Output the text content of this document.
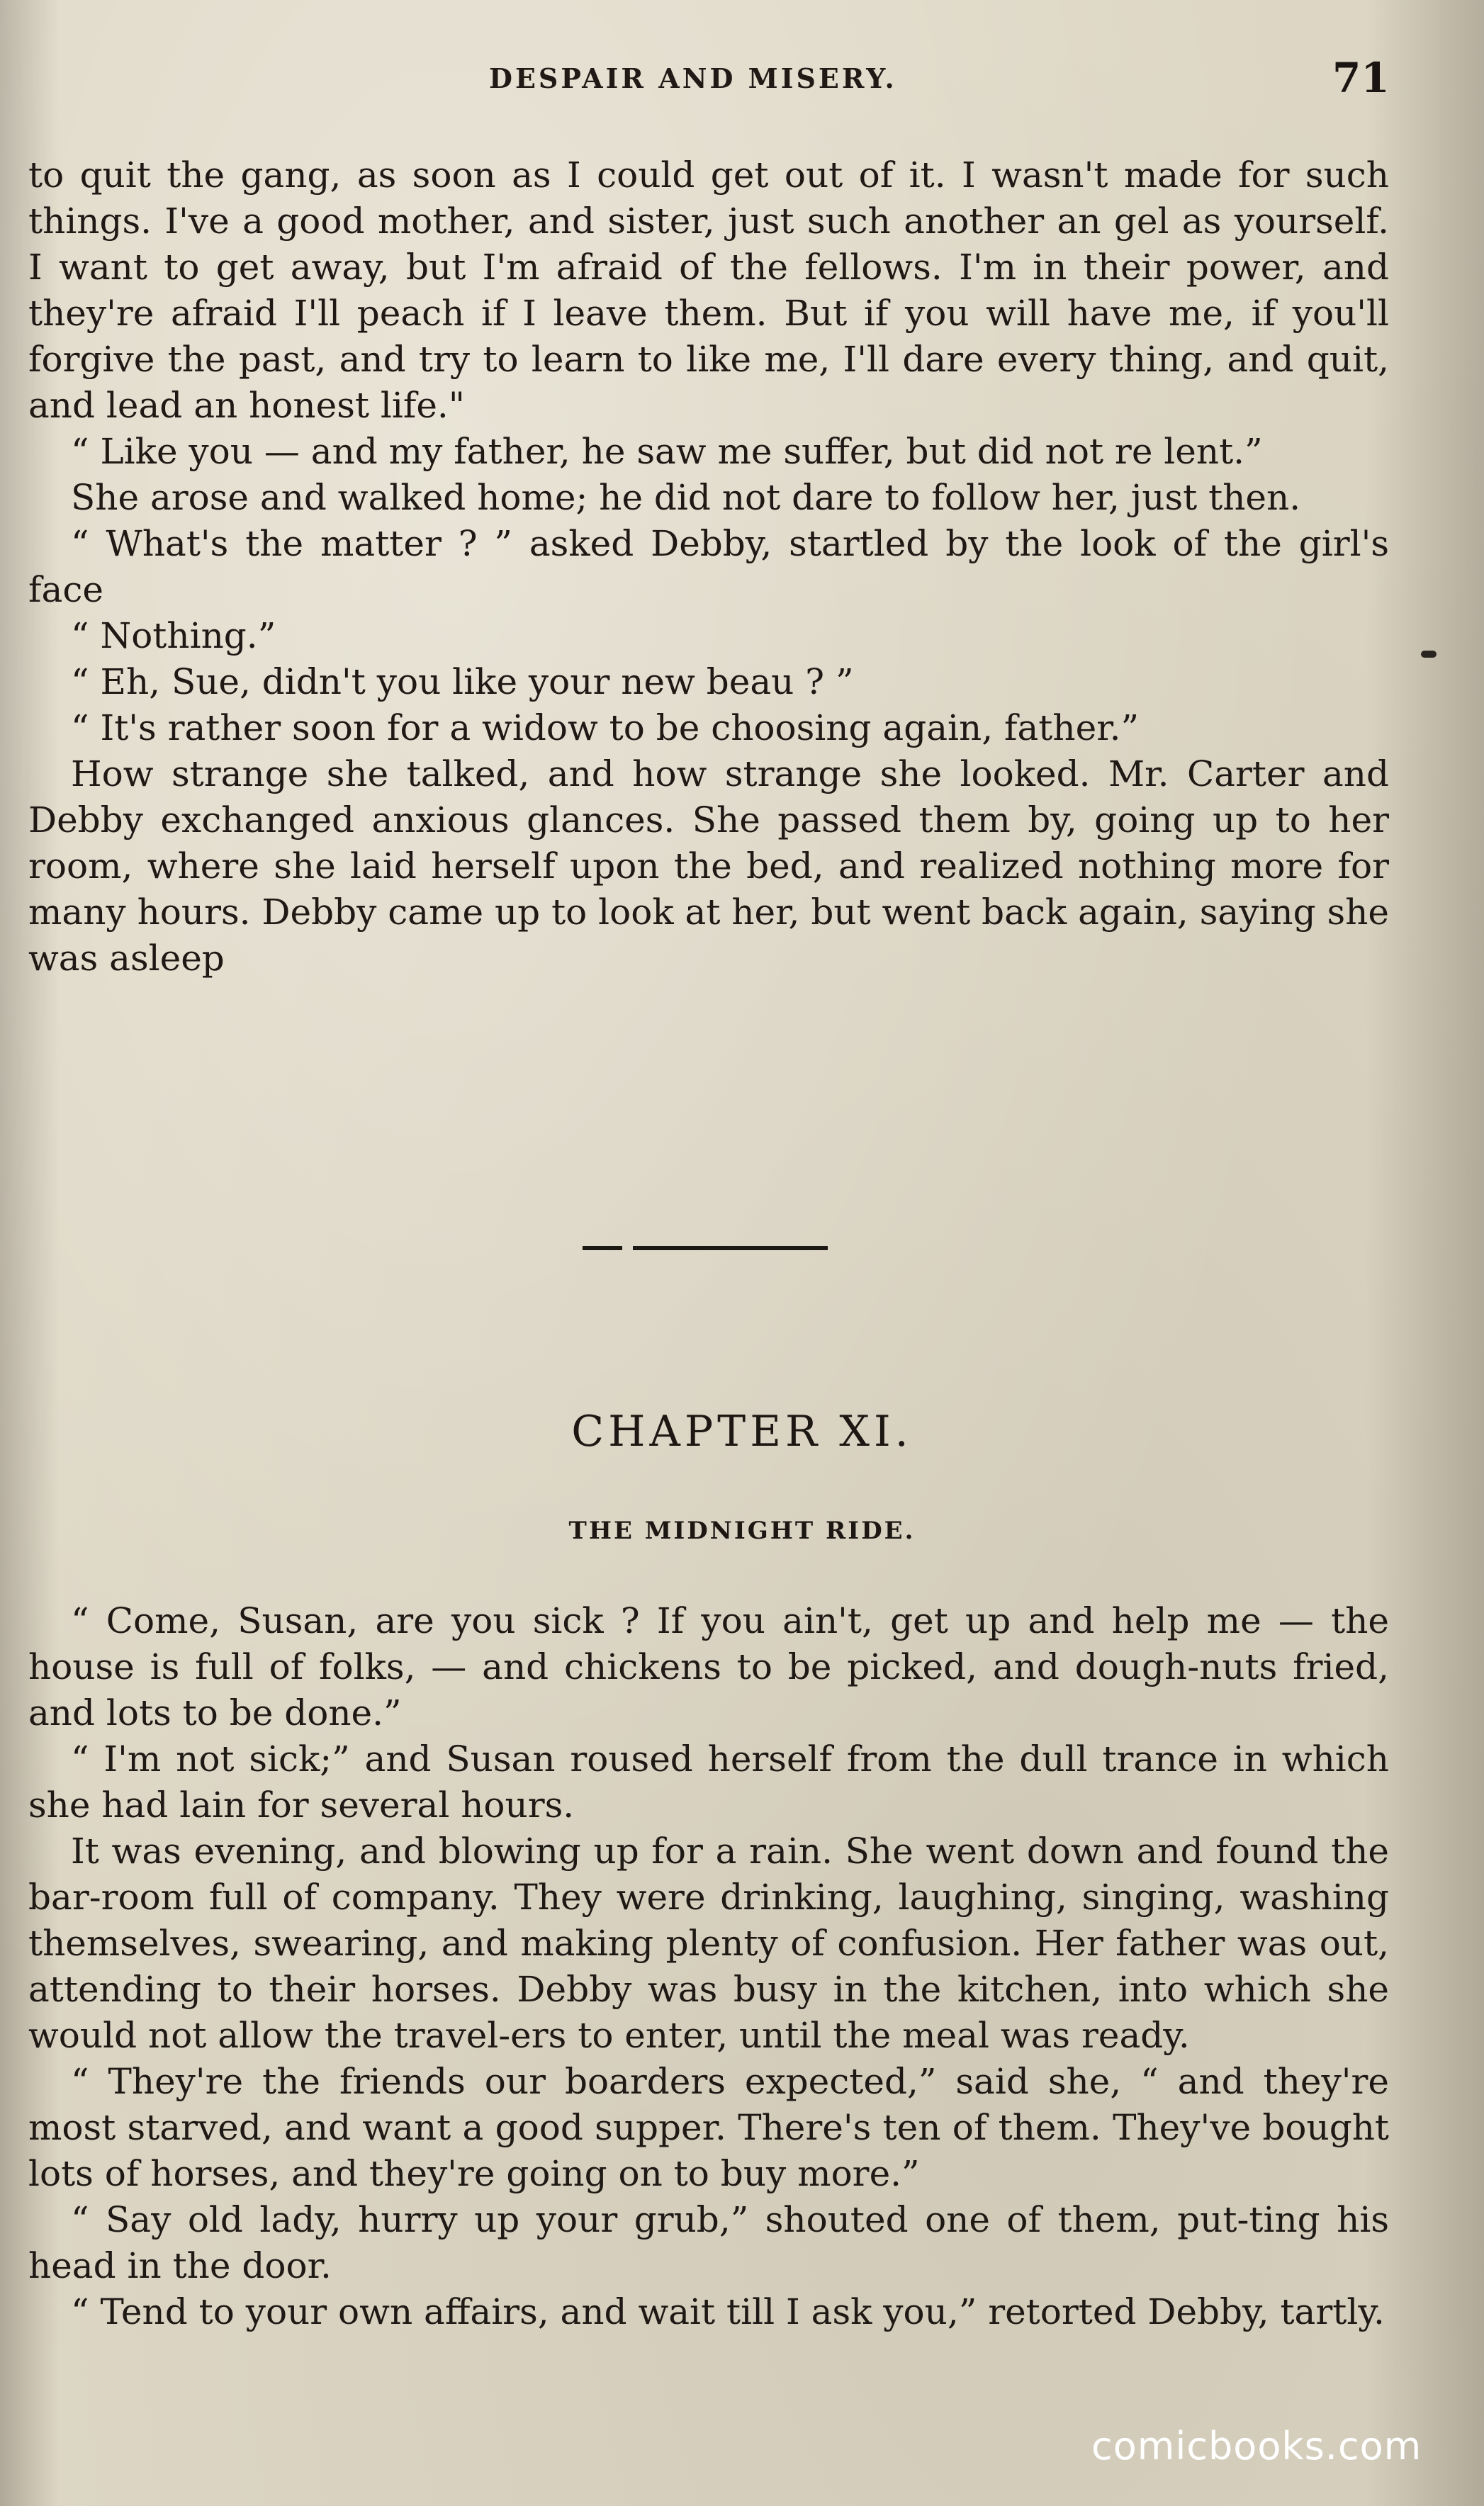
DESPAIR AND MISERY.	71

to quit the gang, as soon as I could get out of it. I wasn't made for such things. I've a good mother, and sister, just such another an gel as yourself. I want to get away, but I'm afraid of the fellows. I'm in their power, and they're afraid I'll peach if I leave them. But if you will have me, if you'll forgive the past, and try to learn to like me, I'll dare every thing, and quit, and lead an honest life."

“ Like you — and my father, he saw me suffer, but did not re lent.”

She arose and walked home; he did not dare to follow her, just then.

“ What's the matter ? ” asked Debby, startled by the look of the girl's face

“ Nothing.”

“ Eh, Sue, didn't you like your new beau ? ”

“ It's rather soon for a widow to be choosing again, father.”

How strange she talked, and how strange she looked. Mr. Carter and Debby exchanged anxious glances. She passed them by, going up to her room, where she laid herself upon the bed, and realized nothing more for many hours. Debby came up to look at her, but went back again, saying she was asleep

CHAPTER XI.
THE MIDNIGHT RIDE.

“ Come, Susan, are you sick ? If you ain't, get up and help me — the house is full of folks, — and chickens to be picked, and dough-nuts fried, and lots to be done.”

“ I'm not sick;” and Susan roused herself from the dull trance in which she had lain for several hours.

It was evening, and blowing up for a rain. She went down and found the bar-room full of company. They were drinking, laughing, singing, washing themselves, swearing, and making plenty of confusion. Her father was out, attending to their horses. Debby was busy in the kitchen, into which she would not allow the travel-ers to enter, until the meal was ready.

“ They're the friends our boarders expected,” said she, “ and they're most starved, and want a good supper. There's ten of them. They've bought lots of horses, and they're going on to buy more.”

“ Say old lady, hurry up your grub,” shouted one of them, put-ting his head in the door.

“ Tend to your own affairs, and wait till I ask you,” retorted Debby, tartly.

comicbooks.com
